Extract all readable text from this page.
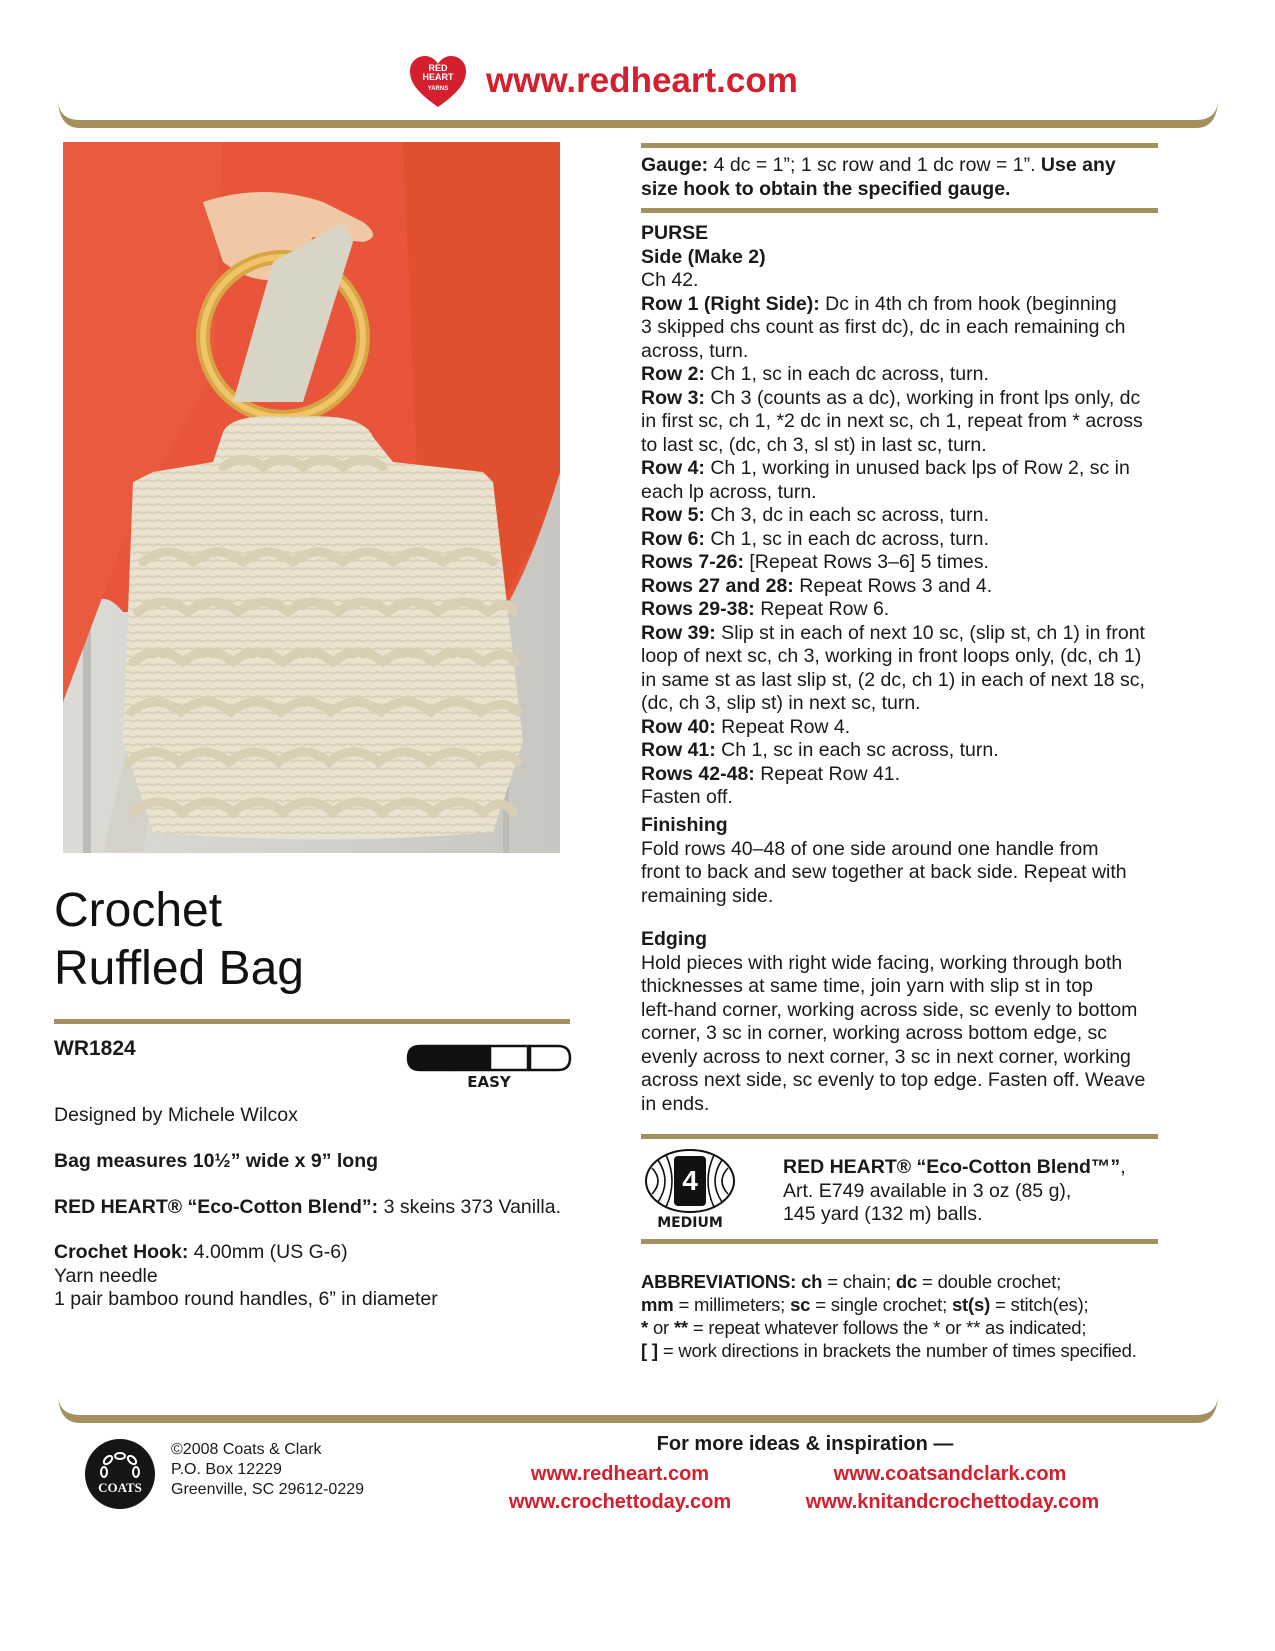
RED
HEART
YARNS	www.redheart.com
Crochet
Ruffled Bag
WR1824
EASY
Designed by Michele Wilcox
Bag measures 10½” wide x 9” long
RED HEART® “Eco-Cotton Blend”: 3 skeins 373 Vanilla.
Crochet Hook: 4.00mm (US G-6)
Yarn needle
1 pair bamboo round handles, 6” in diameter
Gauge: 4 dc = 1”; 1 sc row and 1 dc row = 1”. Use any
size hook to obtain the specified gauge.
PURSE
Side (Make 2)
Ch 42.
Row 1 (Right Side): Dc in 4th ch from hook (beginning
3 skipped chs count as first dc), dc in each remaining ch
across, turn.
Row 2: Ch 1, sc in each dc across, turn.
Row 3: Ch 3 (counts as a dc), working in front lps only, dc
in first sc, ch 1, *2 dc in next sc, ch 1, repeat from * across
to last sc, (dc, ch 3, sl st) in last sc, turn.
Row 4: Ch 1, working in unused back lps of Row 2, sc in
each lp across, turn.
Row 5: Ch 3, dc in each sc across, turn.
Row 6: Ch 1, sc in each dc across, turn.
Rows 7-26: [Repeat Rows 3–6] 5 times.
Rows 27 and 28: Repeat Rows 3 and 4.
Rows 29-38: Repeat Row 6.
Row 39: Slip st in each of next 10 sc, (slip st, ch 1) in front
loop of next sc, ch 3, working in front loops only, (dc, ch 1)
in same st as last slip st, (2 dc, ch 1) in each of next 18 sc,
(dc, ch 3, slip st) in next sc, turn.
Row 40: Repeat Row 4.
Row 41: Ch 1, sc in each sc across, turn.
Rows 42-48: Repeat Row 41.
Fasten off.
Finishing
Fold rows 40–48 of one side around one handle from
front to back and sew together at back side. Repeat with
remaining side.
Edging
Hold pieces with right wide facing, working through both
thicknesses at same time, join yarn with slip st in top
left-hand corner, working across side, sc evenly to bottom
corner, 3 sc in corner, working across bottom edge, sc
evenly across to next corner, 3 sc in next corner, working
across next side, sc evenly to top edge. Fasten off. Weave
in ends.
4
MEDIUM
RED HEART® “Eco-Cotton Blend™”,
Art. E749 available in 3 oz (85 g),
145 yard (132 m) balls.
ABBREVIATIONS: ch = chain; dc = double crochet;
mm = millimeters; sc = single crochet; st(s) = stitch(es);
* or ** = repeat whatever follows the * or ** as indicated;
[ ] = work directions in brackets the number of times specified.
COATS
©2008 Coats & Clark
P.O. Box 12229
Greenville, SC 29612-0229
For more ideas & inspiration —
www.redheart.com	www.coatsandclark.com
www.crochettoday.com	www.knitandcrochettoday.com
